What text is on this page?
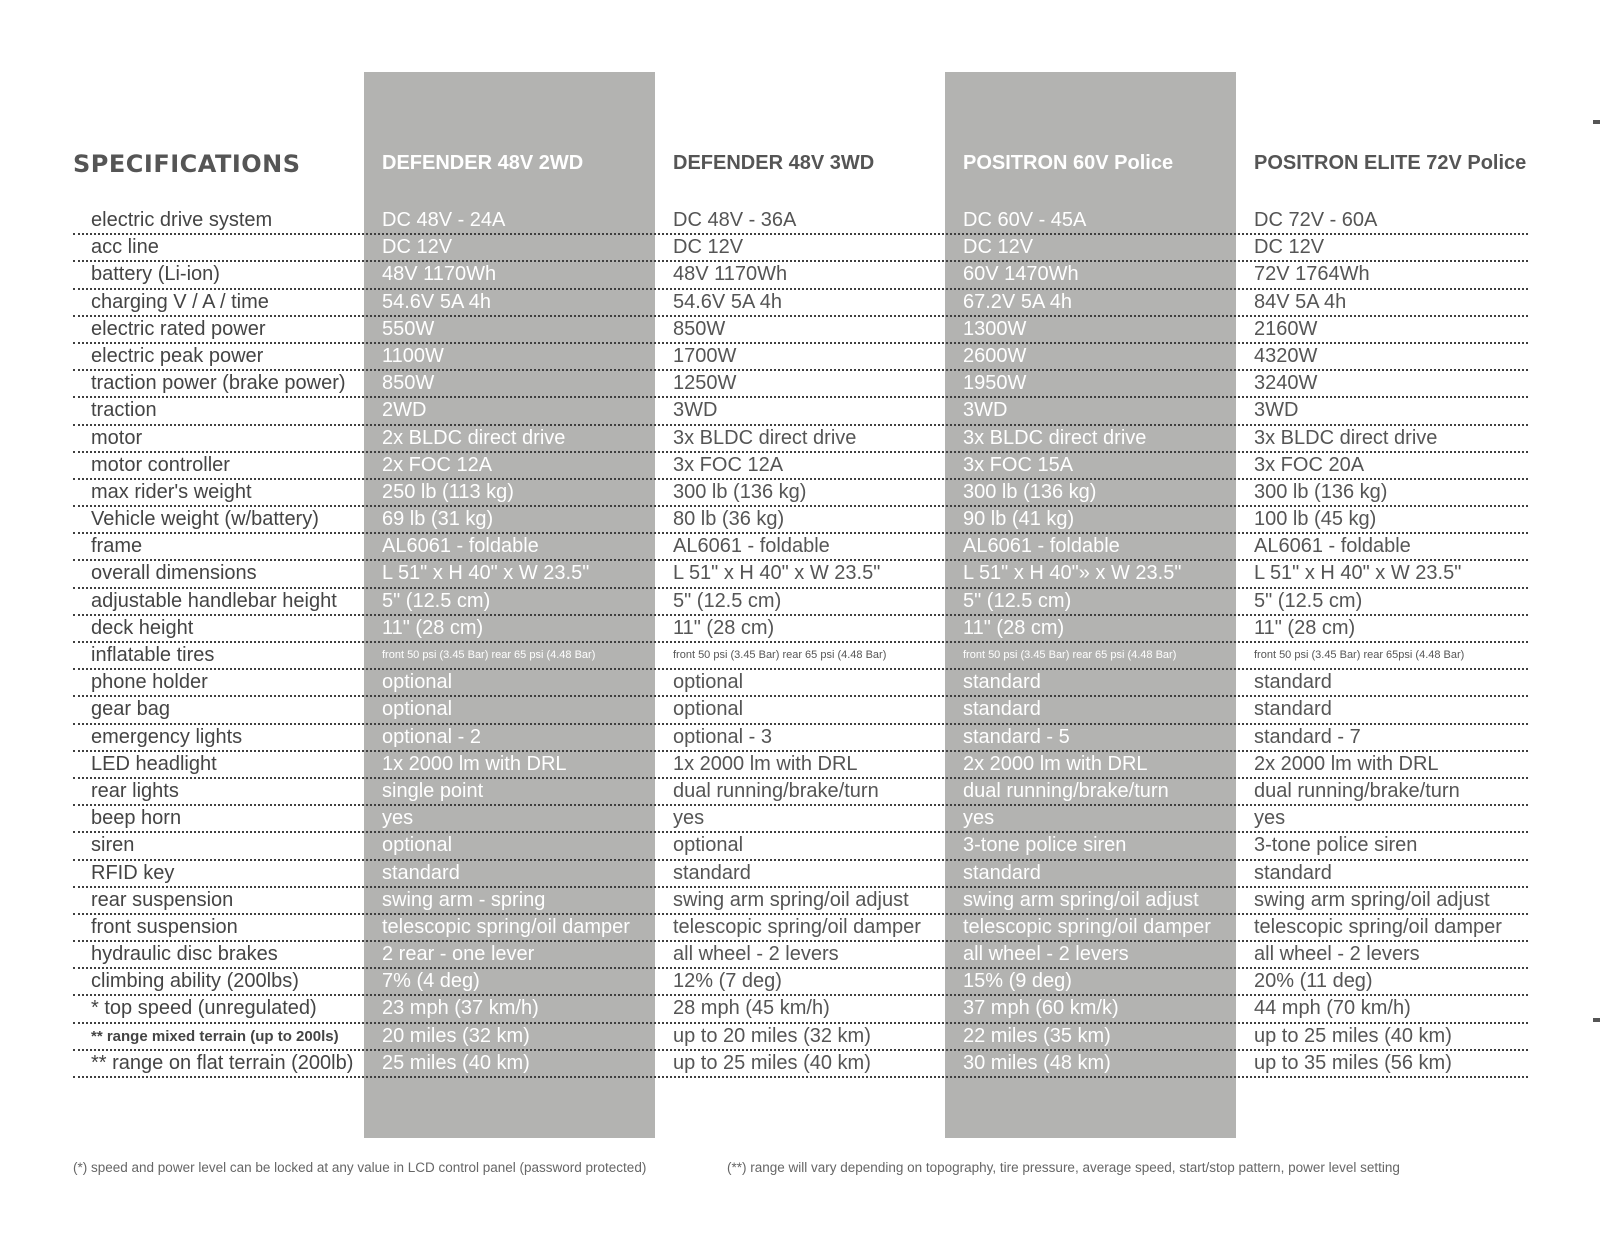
SPECIFICATIONS	DEFENDER 48V 2WD	DEFENDER 48V 3WD	POSITRON 60V Police	POSITRON ELITE 72V Police
electric drive system	DC 48V - 24A	DC 48V - 36A	DC 60V - 45A	DC 72V - 60A
acc line	DC 12V	DC 12V	DC 12V	DC 12V
battery (Li-ion)	48V 1170Wh	48V 1170Wh	60V 1470Wh	72V 1764Wh
charging V / A / time	54.6V 5A 4h	54.6V 5A 4h	67.2V 5A 4h	84V 5A 4h
electric rated power	550W	850W	1300W	2160W
electric peak power	1100W	1700W	2600W	4320W
traction power (brake power)	850W	1250W	1950W	3240W
traction	2WD	3WD	3WD	3WD
motor	2x BLDC direct drive	3x BLDC direct drive	3x BLDC direct drive	3x BLDC direct drive
motor controller	2x FOC 12A	3x FOC 12A	3x FOC 15A	3x FOC 20A
max rider's weight	250 lb (113 kg)	300 lb (136 kg)	300 lb (136 kg)	300 lb (136 kg)
Vehicle weight (w/battery)	69 lb (31 kg)	80 lb (36 kg)	90 lb (41 kg)	100 lb (45 kg)
frame	AL6061 - foldable	AL6061 - foldable	AL6061 - foldable	AL6061 - foldable
overall dimensions	L 51" x H 40" x W 23.5"	L 51" x H 40" x W 23.5"	L 51" x H 40"» x W 23.5"	L 51" x H 40" x W 23.5"
adjustable handlebar height	5" (12.5 cm)	5" (12.5 cm)	5" (12.5 cm)	5" (12.5 cm)
deck height	11" (28 cm)	11" (28 cm)	11" (28 cm)	11" (28 cm)
inflatable tires	front 50 psi (3.45 Bar) rear 65 psi (4.48 Bar)	front 50 psi (3.45 Bar) rear 65 psi (4.48 Bar)	front 50 psi (3.45 Bar) rear 65 psi (4.48 Bar)	front 50 psi (3.45 Bar) rear 65psi (4.48 Bar)
phone holder	optional	optional	standard	standard
gear bag	optional	optional	standard	standard
emergency lights	optional - 2	optional - 3	standard - 5	standard - 7
LED headlight	1x 2000 lm with DRL	1x 2000 lm with DRL	2x 2000 lm with DRL	2x 2000 lm with DRL
rear lights	single point	dual running/brake/turn	dual running/brake/turn	dual running/brake/turn
beep horn	yes	yes	yes	yes
siren	optional	optional	3-tone police siren	3-tone police siren
RFID key	standard	standard	standard	standard
rear suspension	swing arm - spring	swing arm spring/oil adjust	swing arm spring/oil adjust	swing arm spring/oil adjust
front suspension	telescopic spring/oil damper	telescopic spring/oil damper	telescopic spring/oil damper	telescopic spring/oil damper
hydraulic disc brakes	2 rear - one lever	all wheel - 2 levers	all wheel - 2 levers	all wheel - 2 levers
climbing ability (200lbs)	7% (4 deg)	12% (7 deg)	15% (9 deg)	20% (11 deg)
* top speed (unregulated)	23 mph (37 km/h)	28 mph (45 km/h)	37 mph (60 km/k)	44 mph (70 km/h)
** range mixed terrain (up to 200ls)	20 miles (32 km)	up to 20 miles (32 km)	22 miles (35 km)	up to 25 miles (40 km)
** range on flat terrain (200lb)	25 miles (40 km)	up to 25 miles (40 km)	30 miles (48 km)	up to 35 miles (56 km)

(*) speed and power level can be locked at any value in LCD control panel (password protected)	(**) range will vary depending on topography, tire pressure, average speed, start/stop pattern, power level setting
